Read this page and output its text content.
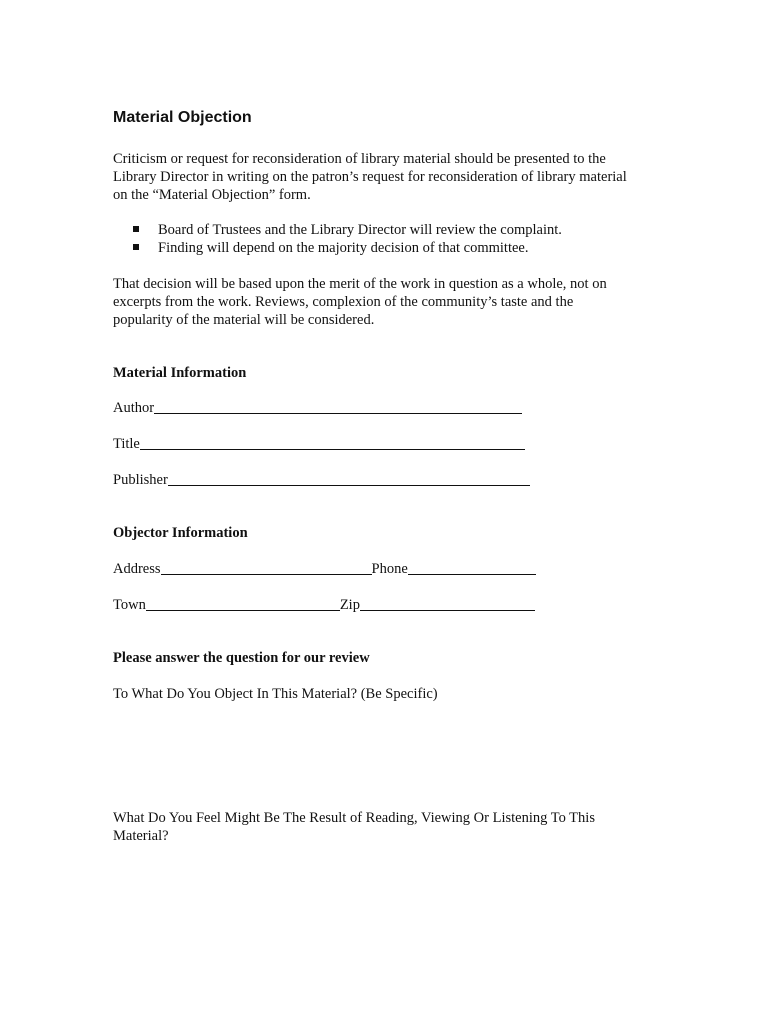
Material Objection
Criticism or request for reconsideration of library material should be presented to the
Library Director in writing on the patron’s request for reconsideration of library material
on the “Material Objection” form.
Board of Trustees and the Library Director will review the complaint.
Finding will depend on the majority decision of that committee.
That decision will be based upon the merit of the work in question as a whole, not on
excerpts from the work. Reviews, complexion of the community’s taste and the
popularity of the material will be considered.
Material Information
Author
Title
Publisher
Objector Information
Address	Phone
Town	Zip
Please answer the question for our review
To What Do You Object In This Material? (Be Specific)
What Do You Feel Might Be The Result of Reading, Viewing Or Listening To This
Material?
